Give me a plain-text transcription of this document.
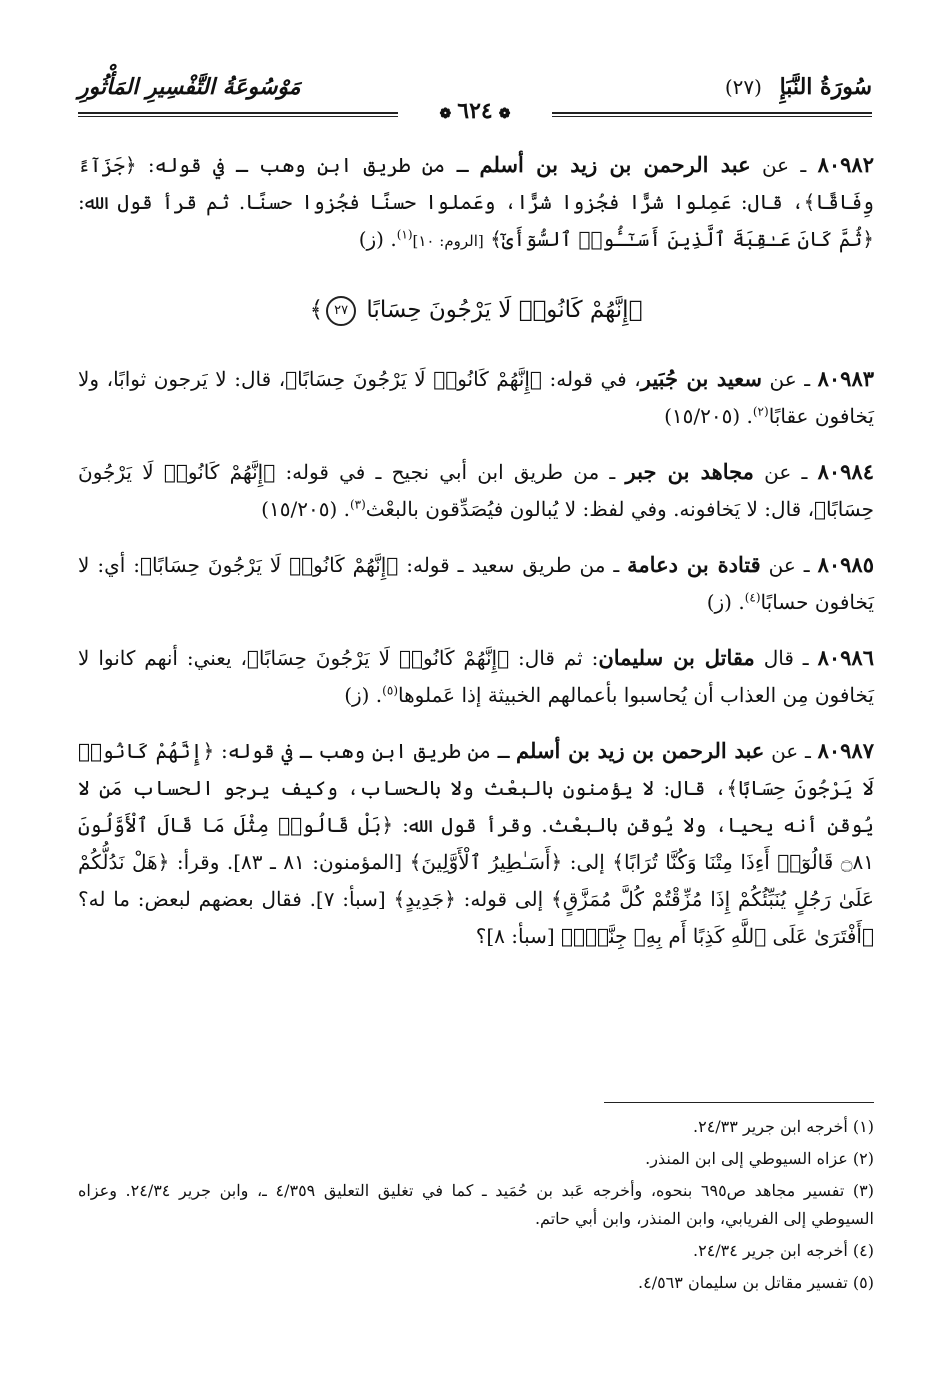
سُورَةُ النَّبَإِ (٢٧)
مَوْسُوعَةُ التَّفْسِيرِ المَأْثُورِ
❁٦٢٤❁

٨٠٩٨٢ ـ عن عبد الرحمن بن زيد بن أسلم ـ من طريق ابن وهب ـ في قوله: ﴿جَزَآءً وِفَاقًا﴾، قال: عَمِلوا شرًّا فجُزوا شرًّا، وعَملوا حسنًا فجُزوا حسنًا. ثم قرأ قول الله: ﴿ثُمَّ كَانَ عَـٰقِبَةَ ٱلَّذِينَ أَسَـٰٓـُٔوا۟ ٱلسُّوٓأَىٰٓ﴾ [الروم: ١٠]$^{(١)}$. (ز)

﴿إِنَّهُمْ كَانُوا۟ لَا يَرْجُونَ حِسَابًا ٢٧﴾

٨٠٩٨٣ ـ عن سعيد بن جُبَير، في قوله: ﴿إِنَّهُمْ كَانُوا۟ لَا يَرْجُونَ حِسَابًا﴾، قال: لا يَرجون ثوابًا، ولا يَخافون عقابًا$^{(٢)}$. (١٥/٢٠٥)

٨٠٩٨٤ ـ عن مجاهد بن جبر ـ من طريق ابن أبي نجيح ـ في قوله: ﴿إِنَّهُمْ كَانُوا۟ لَا يَرْجُونَ حِسَابًا﴾، قال: لا يَخافونه. وفي لفظ: لا يُبالون فيُصَدِّقون بالبعْث$^{(٣)}$. (١٥/٢٠٥)

٨٠٩٨٥ ـ عن قتادة بن دعامة ـ من طريق سعيد ـ قوله: ﴿إِنَّهُمْ كَانُوا۟ لَا يَرْجُونَ حِسَابًا﴾: أي: لا يَخافون حسابًا$^{(٤)}$. (ز)

٨٠٩٨٦ ـ قال مقاتل بن سليمان: ثم قال: ﴿إِنَّهُمْ كَانُوا۟ لَا يَرْجُونَ حِسَابًا﴾، يعني: أنهم كانوا لا يَخافون مِن العذاب أن يُحاسبوا بأعمالهم الخبيثة إذا عَملوها$^{(٥)}$. (ز)

٨٠٩٨٧ ـ عن عبد الرحمن بن زيد بن أسلم ـ من طريق ابن وهب ـ في قوله: ﴿إِنَّهُمْ كَانُوا۟ لَا يَرْجُونَ حِسَابًا﴾، قال: لا يؤمنون بالبعْث ولا بالحساب، وكيف يرجو الحساب مَن لا يُوقن أنه يحيا، ولا يُوقن بالبعْث. وقرأ قول الله: ﴿بَلْ قَالُوا۟ مِثْلَ مَا قَالَ ٱلْأَوَّلُونَ ۝٨١ قَالُوٓا۟ أَءِذَا مِتْنَا وَكُنَّا تُرَابًا﴾ إلى: ﴿أَسَـٰطِيرُ ٱلْأَوَّلِينَ﴾ [المؤمنون: ٨١ ـ ٨٣]. وقرأ: ﴿هَلْ نَدُلُّكُمْ عَلَىٰ رَجُلٍ يُنَبِّئُكُمْ إِذَا مُزِّقْتُمْ كُلَّ مُمَزَّقٍ﴾ إلى قوله: ﴿جَدِيدٍ﴾ [سبأ: ٧]. فقال بعضهم لبعض: ما له؟ ﴿أَفْتَرَىٰ عَلَى ٱللَّهِ كَذِبًا أَم بِهِۦ جِنَّةٌۢ﴾ [سبأ: ٨]؟

(١) أخرجه ابن جرير ٢٤/٣٣.

(٢) عزاه السيوطي إلى ابن المنذر.

(٣) تفسير مجاهد ص٦٩٥ بنحوه، وأخرجه عَبد بن حُمَيد ـ كما في تغليق التعليق ٤/٣٥٩ ـ، وابن جرير ٢٤/٣٤. وعزاه السيوطي إلى الفريابي، وابن المنذر، وابن أبي حاتم.

(٤) أخرجه ابن جرير ٢٤/٣٤.

(٥) تفسير مقاتل بن سليمان ٤/٥٦٣.
